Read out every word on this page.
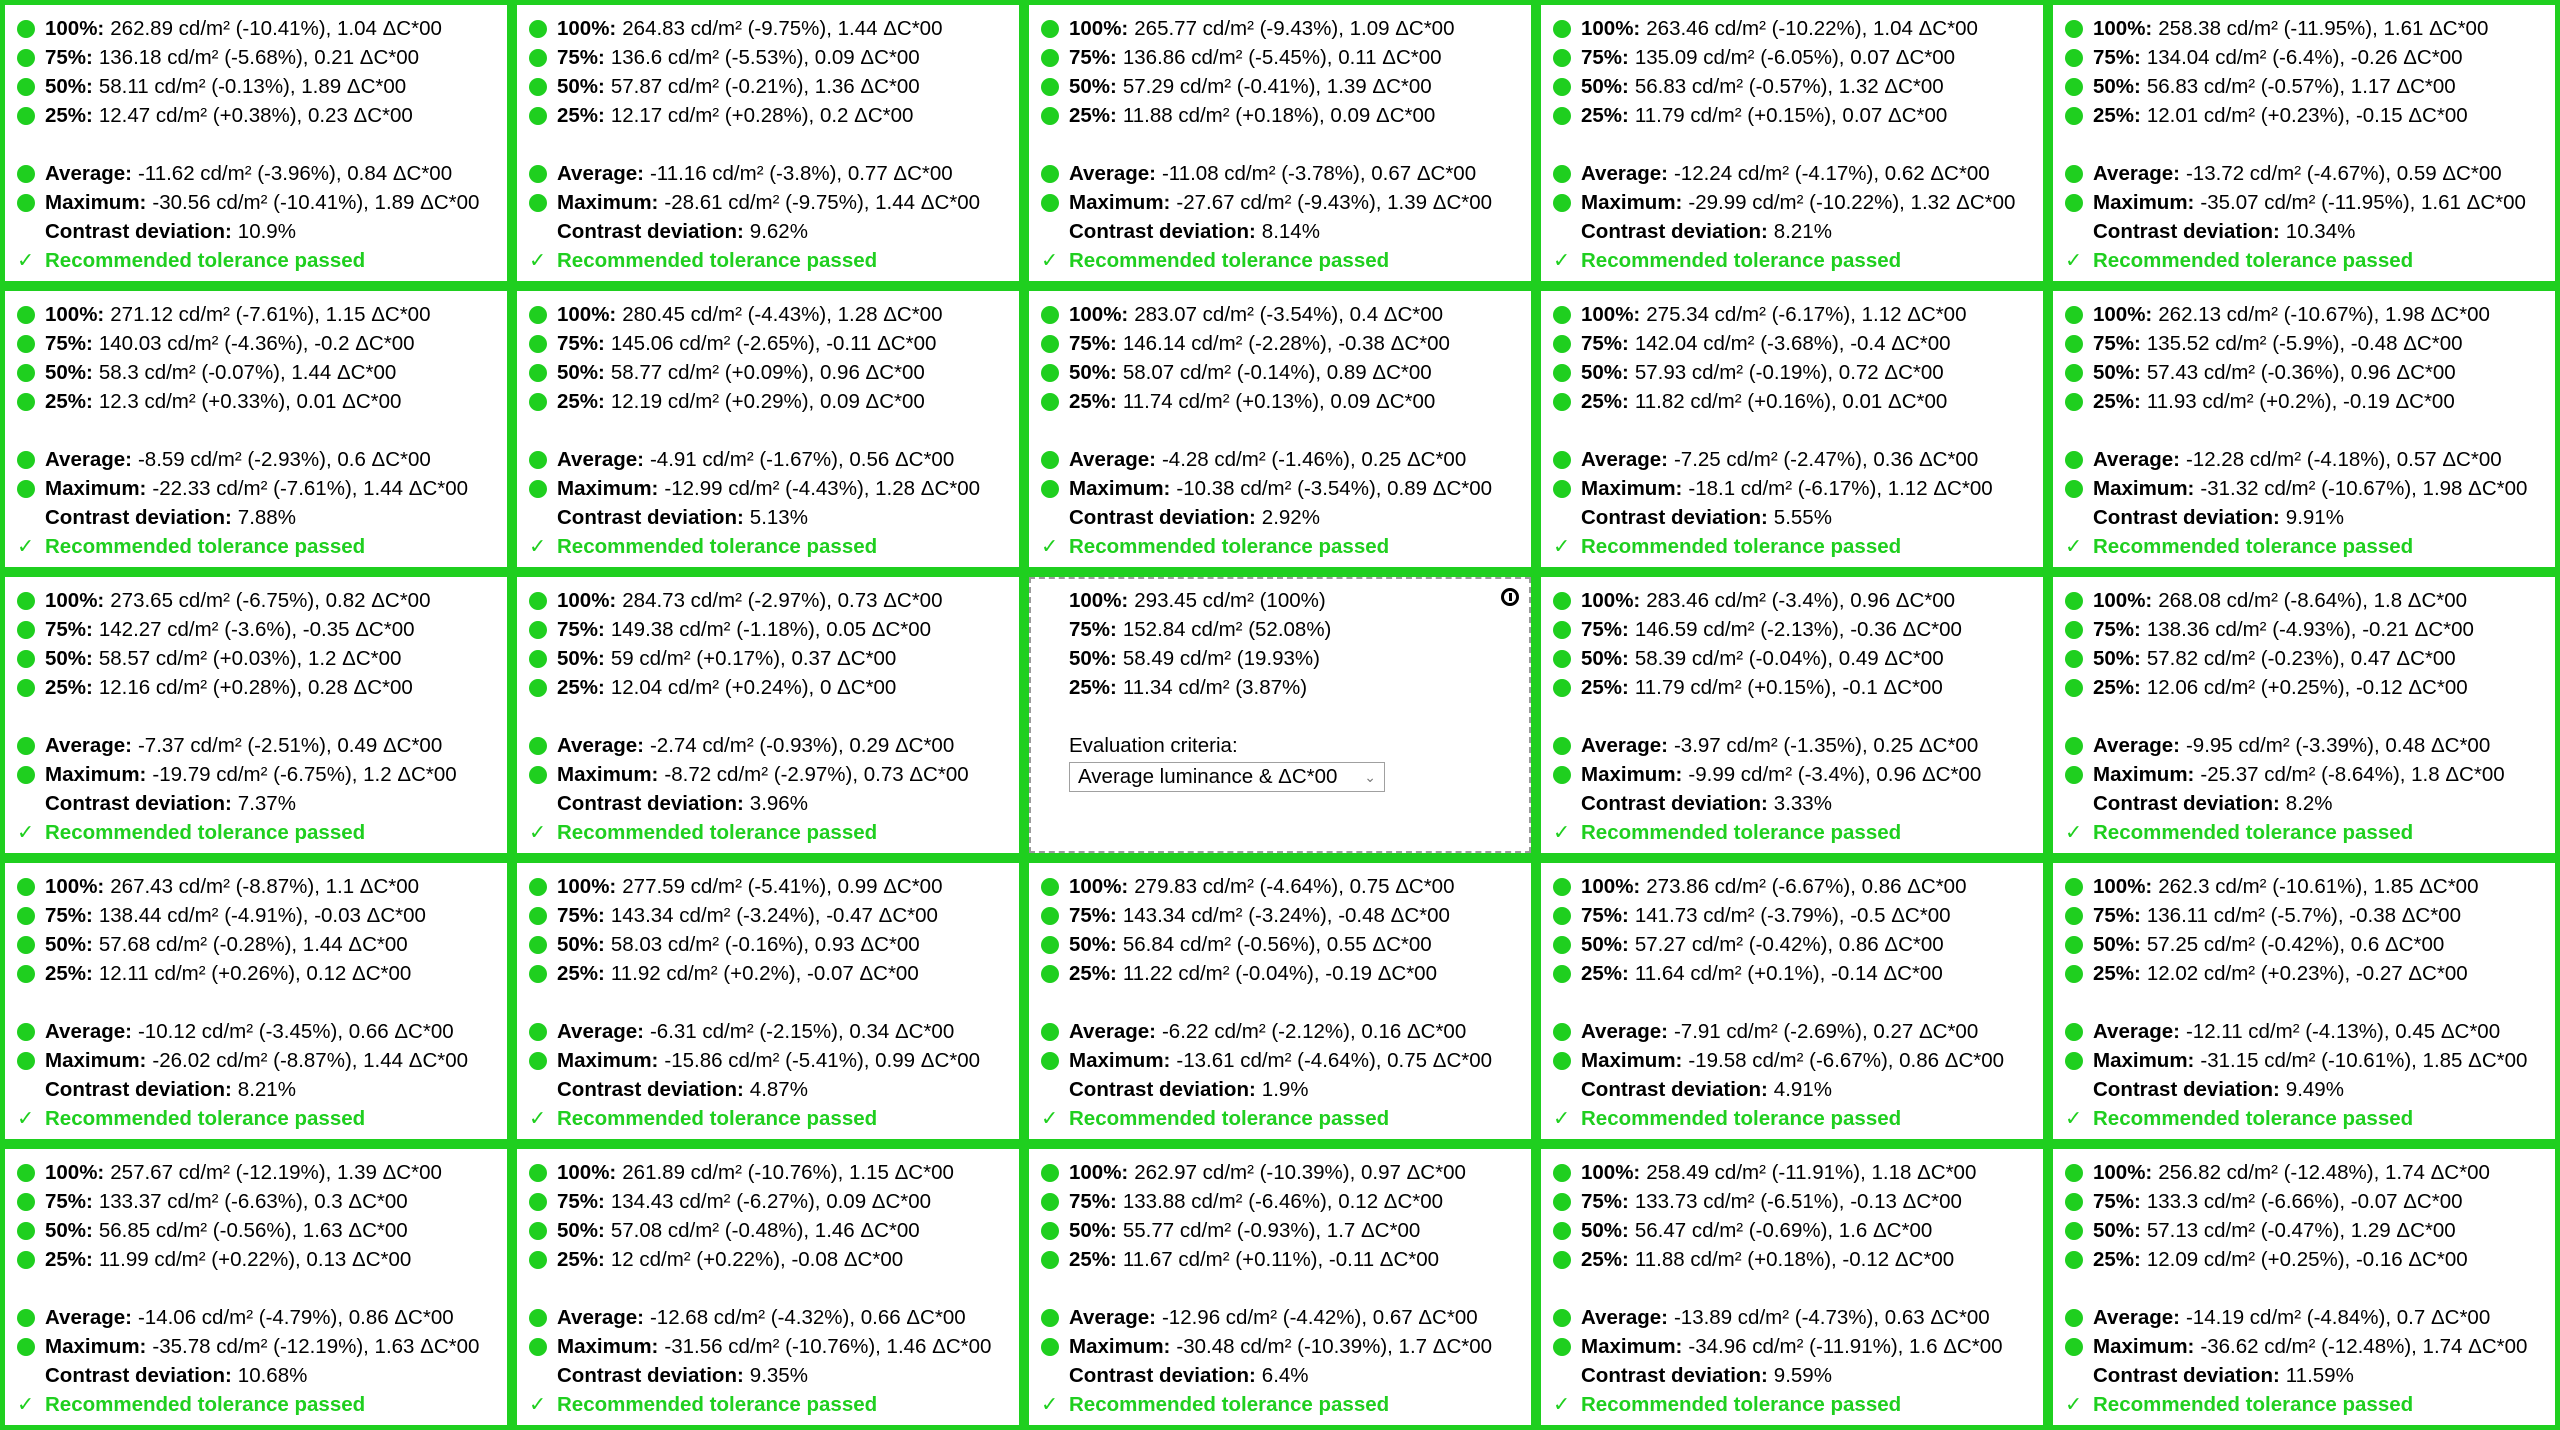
100%: 262.89 cd/m² (-10.41%), 1.04 ΔC*00
75%: 136.18 cd/m² (-5.68%), 0.21 ΔC*00
50%: 58.11 cd/m² (-0.13%), 1.89 ΔC*00
25%: 12.47 cd/m² (+0.38%), 0.23 ΔC*00
Average: -11.62 cd/m² (-3.96%), 0.84 ΔC*00
Maximum: -30.56 cd/m² (-10.41%), 1.89 ΔC*00
Contrast deviation: 10.9%
✓ Recommended tolerance passed
100%: 264.83 cd/m² (-9.75%), 1.44 ΔC*00
75%: 136.6 cd/m² (-5.53%), 0.09 ΔC*00
50%: 57.87 cd/m² (-0.21%), 1.36 ΔC*00
25%: 12.17 cd/m² (+0.28%), 0.2 ΔC*00
Average: -11.16 cd/m² (-3.8%), 0.77 ΔC*00
Maximum: -28.61 cd/m² (-9.75%), 1.44 ΔC*00
Contrast deviation: 9.62%
✓ Recommended tolerance passed
100%: 265.77 cd/m² (-9.43%), 1.09 ΔC*00
75%: 136.86 cd/m² (-5.45%), 0.11 ΔC*00
50%: 57.29 cd/m² (-0.41%), 1.39 ΔC*00
25%: 11.88 cd/m² (+0.18%), 0.09 ΔC*00
Average: -11.08 cd/m² (-3.78%), 0.67 ΔC*00
Maximum: -27.67 cd/m² (-9.43%), 1.39 ΔC*00
Contrast deviation: 8.14%
✓ Recommended tolerance passed
100%: 263.46 cd/m² (-10.22%), 1.04 ΔC*00
75%: 135.09 cd/m² (-6.05%), 0.07 ΔC*00
50%: 56.83 cd/m² (-0.57%), 1.32 ΔC*00
25%: 11.79 cd/m² (+0.15%), 0.07 ΔC*00
Average: -12.24 cd/m² (-4.17%), 0.62 ΔC*00
Maximum: -29.99 cd/m² (-10.22%), 1.32 ΔC*00
Contrast deviation: 8.21%
✓ Recommended tolerance passed
100%: 258.38 cd/m² (-11.95%), 1.61 ΔC*00
75%: 134.04 cd/m² (-6.4%), -0.26 ΔC*00
50%: 56.83 cd/m² (-0.57%), 1.17 ΔC*00
25%: 12.01 cd/m² (+0.23%), -0.15 ΔC*00
Average: -13.72 cd/m² (-4.67%), 0.59 ΔC*00
Maximum: -35.07 cd/m² (-11.95%), 1.61 ΔC*00
Contrast deviation: 10.34%
✓ Recommended tolerance passed
100%: 271.12 cd/m² (-7.61%), 1.15 ΔC*00
75%: 140.03 cd/m² (-4.36%), -0.2 ΔC*00
50%: 58.3 cd/m² (-0.07%), 1.44 ΔC*00
25%: 12.3 cd/m² (+0.33%), 0.01 ΔC*00
Average: -8.59 cd/m² (-2.93%), 0.6 ΔC*00
Maximum: -22.33 cd/m² (-7.61%), 1.44 ΔC*00
Contrast deviation: 7.88%
✓ Recommended tolerance passed
100%: 280.45 cd/m² (-4.43%), 1.28 ΔC*00
75%: 145.06 cd/m² (-2.65%), -0.11 ΔC*00
50%: 58.77 cd/m² (+0.09%), 0.96 ΔC*00
25%: 12.19 cd/m² (+0.29%), 0.09 ΔC*00
Average: -4.91 cd/m² (-1.67%), 0.56 ΔC*00
Maximum: -12.99 cd/m² (-4.43%), 1.28 ΔC*00
Contrast deviation: 5.13%
✓ Recommended tolerance passed
100%: 283.07 cd/m² (-3.54%), 0.4 ΔC*00
75%: 146.14 cd/m² (-2.28%), -0.38 ΔC*00
50%: 58.07 cd/m² (-0.14%), 0.89 ΔC*00
25%: 11.74 cd/m² (+0.13%), 0.09 ΔC*00
Average: -4.28 cd/m² (-1.46%), 0.25 ΔC*00
Maximum: -10.38 cd/m² (-3.54%), 0.89 ΔC*00
Contrast deviation: 2.92%
✓ Recommended tolerance passed
100%: 275.34 cd/m² (-6.17%), 1.12 ΔC*00
75%: 142.04 cd/m² (-3.68%), -0.4 ΔC*00
50%: 57.93 cd/m² (-0.19%), 0.72 ΔC*00
25%: 11.82 cd/m² (+0.16%), 0.01 ΔC*00
Average: -7.25 cd/m² (-2.47%), 0.36 ΔC*00
Maximum: -18.1 cd/m² (-6.17%), 1.12 ΔC*00
Contrast deviation: 5.55%
✓ Recommended tolerance passed
100%: 262.13 cd/m² (-10.67%), 1.98 ΔC*00
75%: 135.52 cd/m² (-5.9%), -0.48 ΔC*00
50%: 57.43 cd/m² (-0.36%), 0.96 ΔC*00
25%: 11.93 cd/m² (+0.2%), -0.19 ΔC*00
Average: -12.28 cd/m² (-4.18%), 0.57 ΔC*00
Maximum: -31.32 cd/m² (-10.67%), 1.98 ΔC*00
Contrast deviation: 9.91%
✓ Recommended tolerance passed
100%: 273.65 cd/m² (-6.75%), 0.82 ΔC*00
75%: 142.27 cd/m² (-3.6%), -0.35 ΔC*00
50%: 58.57 cd/m² (+0.03%), 1.2 ΔC*00
25%: 12.16 cd/m² (+0.28%), 0.28 ΔC*00
Average: -7.37 cd/m² (-2.51%), 0.49 ΔC*00
Maximum: -19.79 cd/m² (-6.75%), 1.2 ΔC*00
Contrast deviation: 7.37%
✓ Recommended tolerance passed
100%: 284.73 cd/m² (-2.97%), 0.73 ΔC*00
75%: 149.38 cd/m² (-1.18%), 0.05 ΔC*00
50%: 59 cd/m² (+0.17%), 0.37 ΔC*00
25%: 12.04 cd/m² (+0.24%), 0 ΔC*00
Average: -2.74 cd/m² (-0.93%), 0.29 ΔC*00
Maximum: -8.72 cd/m² (-2.97%), 0.73 ΔC*00
Contrast deviation: 3.96%
✓ Recommended tolerance passed
100%: 293.45 cd/m² (100%)
75%: 152.84 cd/m² (52.08%)
50%: 58.49 cd/m² (19.93%)
25%: 11.34 cd/m² (3.87%)
Evaluation criteria:
Average luminance & ΔC*00 ⌄
100%: 283.46 cd/m² (-3.4%), 0.96 ΔC*00
75%: 146.59 cd/m² (-2.13%), -0.36 ΔC*00
50%: 58.39 cd/m² (-0.04%), 0.49 ΔC*00
25%: 11.79 cd/m² (+0.15%), -0.1 ΔC*00
Average: -3.97 cd/m² (-1.35%), 0.25 ΔC*00
Maximum: -9.99 cd/m² (-3.4%), 0.96 ΔC*00
Contrast deviation: 3.33%
✓ Recommended tolerance passed
100%: 268.08 cd/m² (-8.64%), 1.8 ΔC*00
75%: 138.36 cd/m² (-4.93%), -0.21 ΔC*00
50%: 57.82 cd/m² (-0.23%), 0.47 ΔC*00
25%: 12.06 cd/m² (+0.25%), -0.12 ΔC*00
Average: -9.95 cd/m² (-3.39%), 0.48 ΔC*00
Maximum: -25.37 cd/m² (-8.64%), 1.8 ΔC*00
Contrast deviation: 8.2%
✓ Recommended tolerance passed
100%: 267.43 cd/m² (-8.87%), 1.1 ΔC*00
75%: 138.44 cd/m² (-4.91%), -0.03 ΔC*00
50%: 57.68 cd/m² (-0.28%), 1.44 ΔC*00
25%: 12.11 cd/m² (+0.26%), 0.12 ΔC*00
Average: -10.12 cd/m² (-3.45%), 0.66 ΔC*00
Maximum: -26.02 cd/m² (-8.87%), 1.44 ΔC*00
Contrast deviation: 8.21%
✓ Recommended tolerance passed
100%: 277.59 cd/m² (-5.41%), 0.99 ΔC*00
75%: 143.34 cd/m² (-3.24%), -0.47 ΔC*00
50%: 58.03 cd/m² (-0.16%), 0.93 ΔC*00
25%: 11.92 cd/m² (+0.2%), -0.07 ΔC*00
Average: -6.31 cd/m² (-2.15%), 0.34 ΔC*00
Maximum: -15.86 cd/m² (-5.41%), 0.99 ΔC*00
Contrast deviation: 4.87%
✓ Recommended tolerance passed
100%: 279.83 cd/m² (-4.64%), 0.75 ΔC*00
75%: 143.34 cd/m² (-3.24%), -0.48 ΔC*00
50%: 56.84 cd/m² (-0.56%), 0.55 ΔC*00
25%: 11.22 cd/m² (-0.04%), -0.19 ΔC*00
Average: -6.22 cd/m² (-2.12%), 0.16 ΔC*00
Maximum: -13.61 cd/m² (-4.64%), 0.75 ΔC*00
Contrast deviation: 1.9%
✓ Recommended tolerance passed
100%: 273.86 cd/m² (-6.67%), 0.86 ΔC*00
75%: 141.73 cd/m² (-3.79%), -0.5 ΔC*00
50%: 57.27 cd/m² (-0.42%), 0.86 ΔC*00
25%: 11.64 cd/m² (+0.1%), -0.14 ΔC*00
Average: -7.91 cd/m² (-2.69%), 0.27 ΔC*00
Maximum: -19.58 cd/m² (-6.67%), 0.86 ΔC*00
Contrast deviation: 4.91%
✓ Recommended tolerance passed
100%: 262.3 cd/m² (-10.61%), 1.85 ΔC*00
75%: 136.11 cd/m² (-5.7%), -0.38 ΔC*00
50%: 57.25 cd/m² (-0.42%), 0.6 ΔC*00
25%: 12.02 cd/m² (+0.23%), -0.27 ΔC*00
Average: -12.11 cd/m² (-4.13%), 0.45 ΔC*00
Maximum: -31.15 cd/m² (-10.61%), 1.85 ΔC*00
Contrast deviation: 9.49%
✓ Recommended tolerance passed
100%: 257.67 cd/m² (-12.19%), 1.39 ΔC*00
75%: 133.37 cd/m² (-6.63%), 0.3 ΔC*00
50%: 56.85 cd/m² (-0.56%), 1.63 ΔC*00
25%: 11.99 cd/m² (+0.22%), 0.13 ΔC*00
Average: -14.06 cd/m² (-4.79%), 0.86 ΔC*00
Maximum: -35.78 cd/m² (-12.19%), 1.63 ΔC*00
Contrast deviation: 10.68%
✓ Recommended tolerance passed
100%: 261.89 cd/m² (-10.76%), 1.15 ΔC*00
75%: 134.43 cd/m² (-6.27%), 0.09 ΔC*00
50%: 57.08 cd/m² (-0.48%), 1.46 ΔC*00
25%: 12 cd/m² (+0.22%), -0.08 ΔC*00
Average: -12.68 cd/m² (-4.32%), 0.66 ΔC*00
Maximum: -31.56 cd/m² (-10.76%), 1.46 ΔC*00
Contrast deviation: 9.35%
✓ Recommended tolerance passed
100%: 262.97 cd/m² (-10.39%), 0.97 ΔC*00
75%: 133.88 cd/m² (-6.46%), 0.12 ΔC*00
50%: 55.77 cd/m² (-0.93%), 1.7 ΔC*00
25%: 11.67 cd/m² (+0.11%), -0.11 ΔC*00
Average: -12.96 cd/m² (-4.42%), 0.67 ΔC*00
Maximum: -30.48 cd/m² (-10.39%), 1.7 ΔC*00
Contrast deviation: 6.4%
✓ Recommended tolerance passed
100%: 258.49 cd/m² (-11.91%), 1.18 ΔC*00
75%: 133.73 cd/m² (-6.51%), -0.13 ΔC*00
50%: 56.47 cd/m² (-0.69%), 1.6 ΔC*00
25%: 11.88 cd/m² (+0.18%), -0.12 ΔC*00
Average: -13.89 cd/m² (-4.73%), 0.63 ΔC*00
Maximum: -34.96 cd/m² (-11.91%), 1.6 ΔC*00
Contrast deviation: 9.59%
✓ Recommended tolerance passed
100%: 256.82 cd/m² (-12.48%), 1.74 ΔC*00
75%: 133.3 cd/m² (-6.66%), -0.07 ΔC*00
50%: 57.13 cd/m² (-0.47%), 1.29 ΔC*00
25%: 12.09 cd/m² (+0.25%), -0.16 ΔC*00
Average: -14.19 cd/m² (-4.84%), 0.7 ΔC*00
Maximum: -36.62 cd/m² (-12.48%), 1.74 ΔC*00
Contrast deviation: 11.59%
✓ Recommended tolerance passed
